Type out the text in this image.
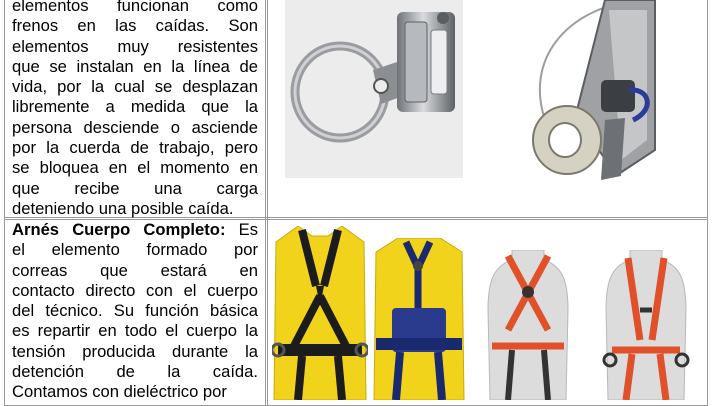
elementos funcionan como
frenos en las caídas. Son
elementos muy resistentes
que se instalan en la línea de
vida, por la cual se desplazan
libremente a medida que la
persona desciende o asciende
por la cuerda de trabajo, pero
se bloquea en el momento en
que recibe una carga
deteniendo una posible caída.
Arnés Cuerpo Completo: Es
el elemento formado por
correas que estará en
contacto directo con el cuerpo
del técnico. Su función básica
es repartir en todo el cuerpo la
tensión producida durante la
detención de la caída.
Contamos con dieléctrico por
